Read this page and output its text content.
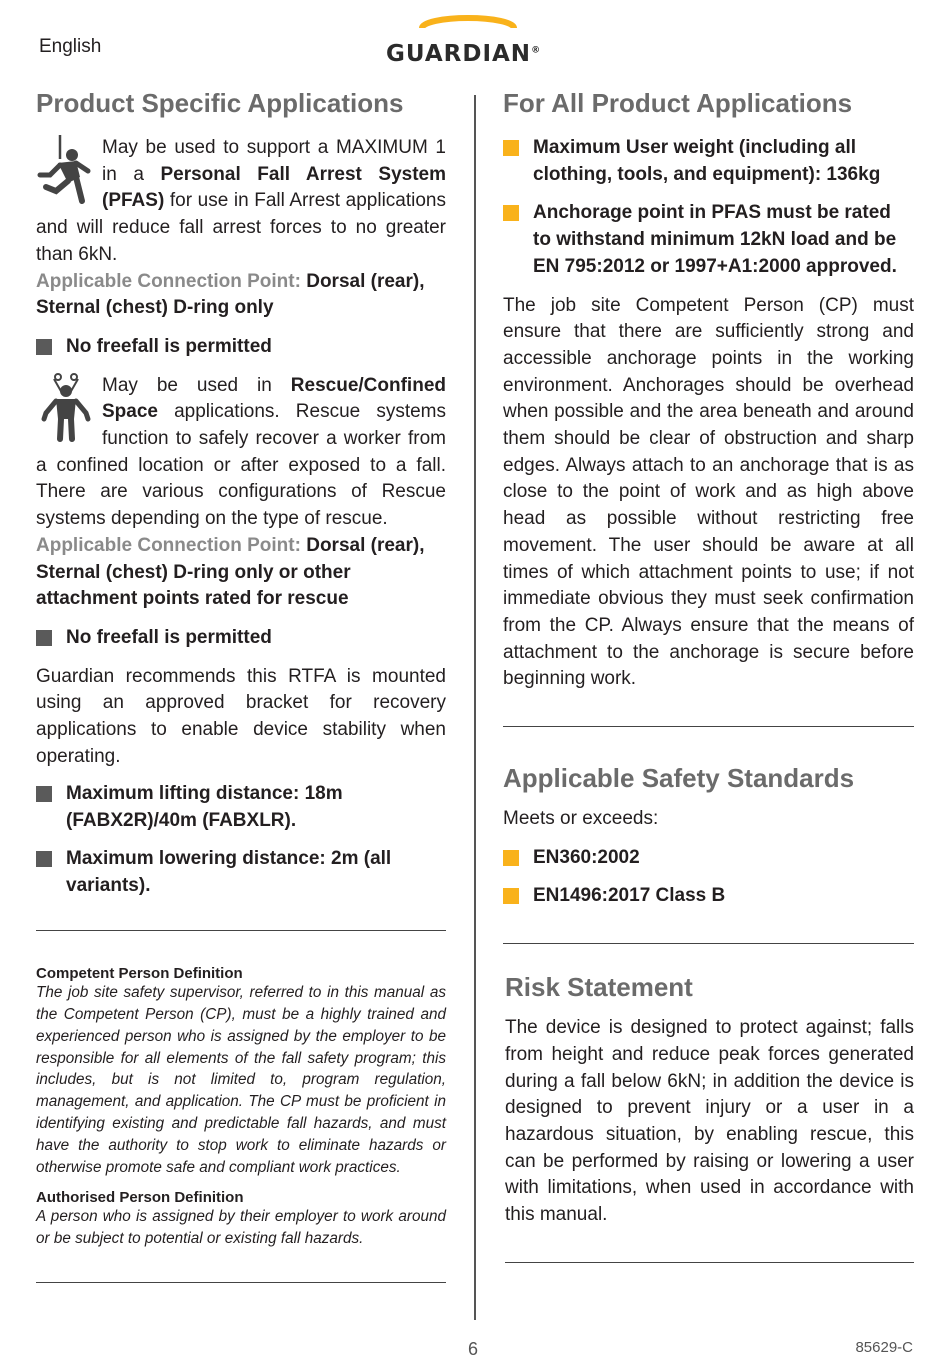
English	GUARDIAN®
Product Specific Applications

May be used to support a MAXIMUM 1 in a Personal Fall Arrest System (PFAS) for use in Fall Arrest applications and will reduce fall arrest forces to no greater than 6kN.

Applicable Connection Point: Dorsal (rear), Sternal (chest) D-ring only

No freefall is permitted

May be used in Rescue/Confined Space applications. Rescue systems function to safely recover a worker from a confined location or after exposed to a fall. There are various configurations of Rescue systems depending on the type of rescue.

Applicable Connection Point: Dorsal (rear), Sternal (chest) D-ring only or other attachment points rated for rescue

No freefall is permitted

Guardian recommends this RTFA is mounted using an approved bracket for recovery applications to enable device stability when operating.

Maximum lifting distance: 18m (FABX2R)/40m (FABXLR).
Maximum lowering distance: 2m (all variants).

Competent Person Definition

The job site safety supervisor, referred to in this manual as the Competent Person (CP), must be a highly trained and experienced person who is assigned by the employer to be responsible for all elements of the fall safety program; this includes, but is not limited to, program regulation, management, and application. The CP must be proficient in identifying existing and predictable fall hazards, and must have the authority to stop work to eliminate hazards or otherwise promote safe and compliant work practices.

Authorised Person Definition

A person who is assigned by their employer to work around or be subject to potential or existing fall hazards.

For All Product Applications
Maximum User weight (including all clothing, tools, and equipment): 136kg
Anchorage point in PFAS must be rated to withstand minimum 12kN load and be EN 795:2012 or 1997+A1:2000 approved.

The job site Competent Person (CP) must ensure that there are sufficiently strong and accessible anchorage points in the working environment. Anchorages should be overhead when possible and the area beneath and around them should be clear of obstruction and sharp edges. Always attach to an anchorage that is as close to the point of work and as high above head as possible without restricting free movement. The user should be aware at all times of which attachment points to use; if not immediate obvious they must seek confirmation from the CP. Always ensure that the means of attachment to the anchorage is secure before beginning work.

Applicable Safety Standards

Meets or exceeds:

EN360:2002
EN1496:2017 Class B
Risk Statement

The device is designed to protect against; falls from height and reduce peak forces generated during a fall below 6kN; in addition the device is designed to prevent injury or a user in a hazardous situation, by enabling rescue, this can be performed by raising or lowering a user with limitations, when used in accordance with this manual.

6	85629-C
